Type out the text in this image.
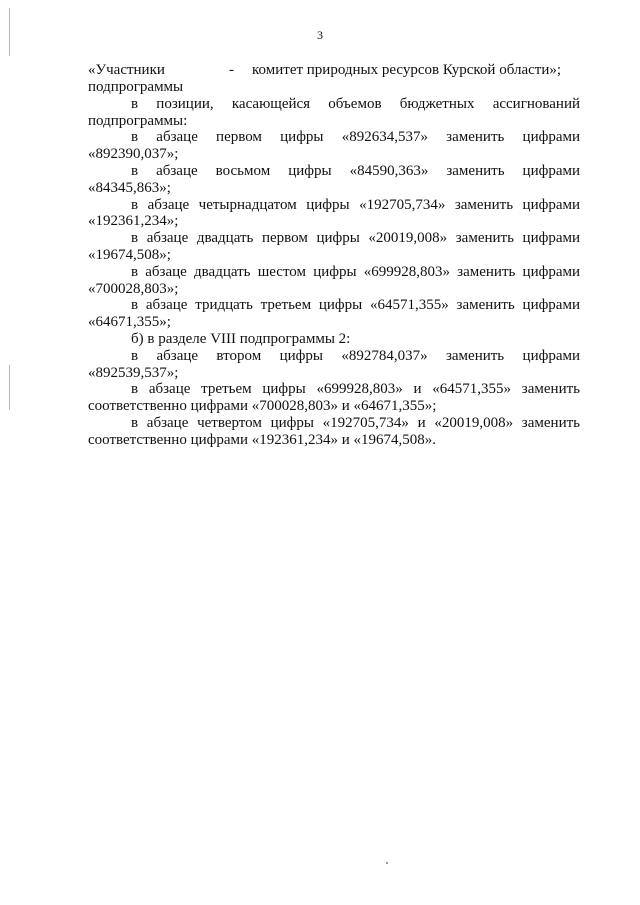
3
«Участники	- комитет природных ресурсов Курской области»;
подпрограммы
в позиции, касающейся объемов бюджетных ассигнований
подпрограммы:
в абзаце первом цифры «892634,537» заменить цифрами
«892390,037»;
в абзаце восьмом цифры «84590,363» заменить цифрами
«84345,863»;
в абзаце четырнадцатом цифры «192705,734» заменить цифрами
«192361,234»;
в абзаце двадцать первом цифры «20019,008» заменить цифрами
«19674,508»;
в абзаце двадцать шестом цифры «699928,803» заменить цифрами
«700028,803»;
в абзаце тридцать третьем цифры «64571,355» заменить цифрами
«64671,355»;
б) в разделе VIII подпрограммы 2:
в абзаце втором цифры «892784,037» заменить цифрами
«892539,537»;
в абзаце третьем цифры «699928,803» и «64571,355» заменить
соответственно цифрами «700028,803» и «64671,355»;
в абзаце четвертом цифры «192705,734» и «20019,008» заменить
соответственно цифрами «192361,234» и «19674,508».
